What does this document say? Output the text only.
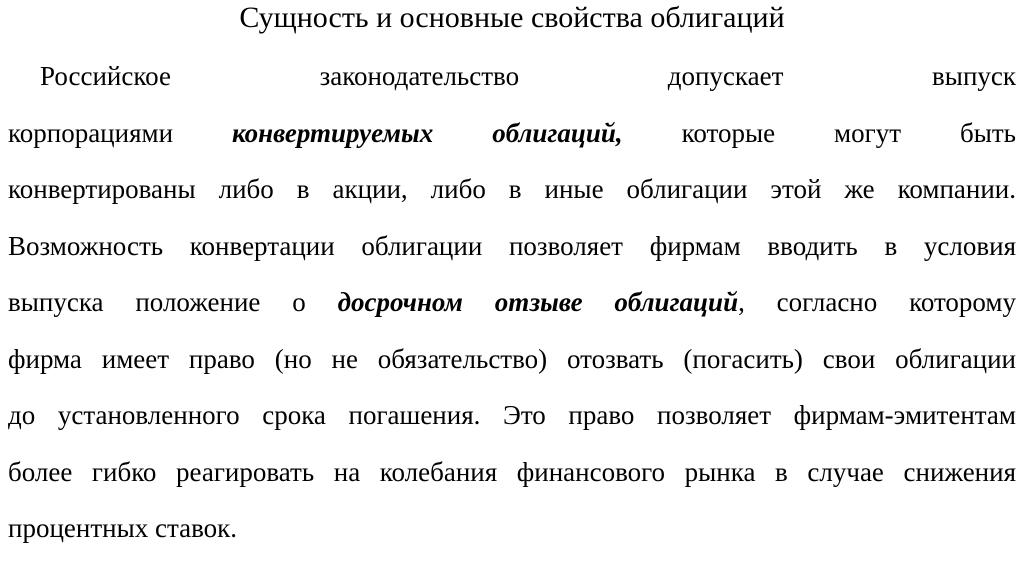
Сущность и основные свойства облигаций
Российское законодательство допускает выпуск
корпорациями конвертируемых облигаций, которые могут быть
конвертированы либо в акции, либо в иные облигации этой же компании.
Возможность конвертации облигации позволяет фирмам вводить в условия
выпуска положение о досрочном отзыве облигаций, согласно которому
фирма имеет право (но не обязательство) отозвать (погасить) свои облигации
до установленного срока погашения. Это право позволяет фирмам-эмитентам
более гибко реагировать на колебания финансового рынка в случае снижения
процентных ставок.
